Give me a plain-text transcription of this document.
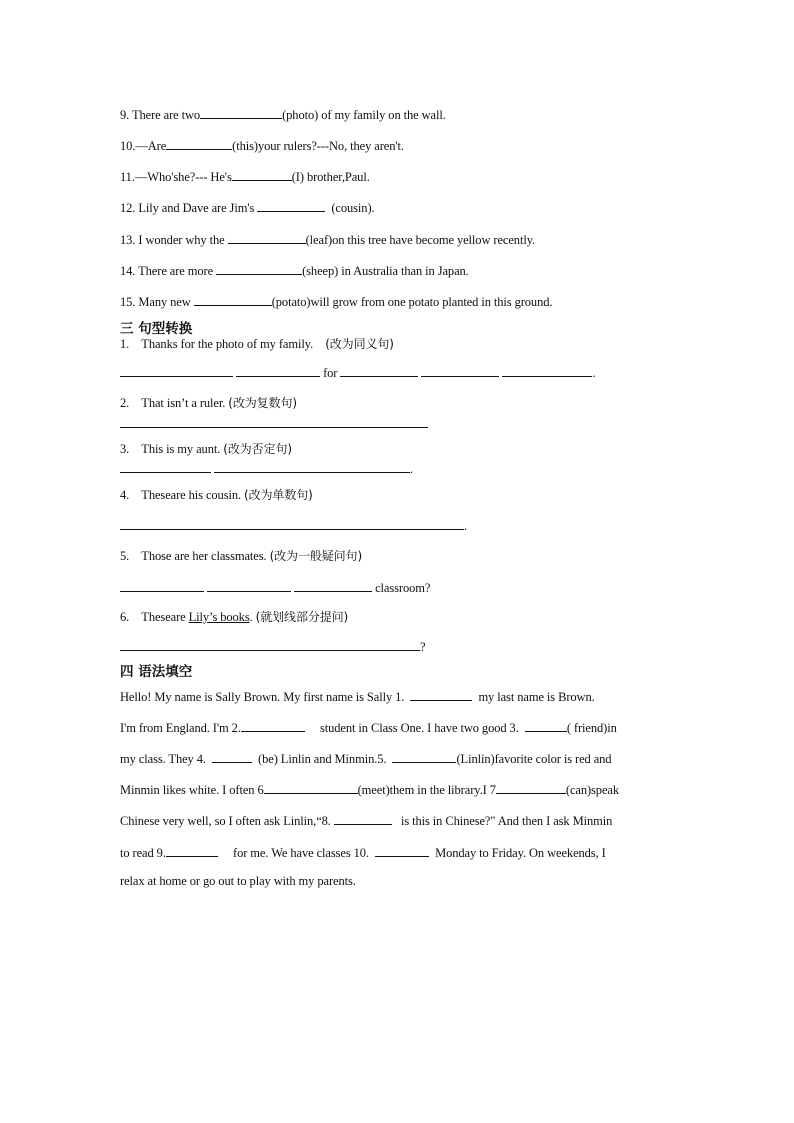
9. There are two	(photo) of my family on the wall.
10.—Are	(this)your rulers?---No, they aren't.
11.—Who'she?--- He's	(I) brother,Paul.
12. Lily and Dave are Jim's	(cousin).
13. I wonder why the	(leaf)on this tree have become yellow recently.
14. There are more	(sheep) in Australia than in Japan.
15. Many new	(potato)will grow from one potato planted in this ground.
三 句型转换
1. Thanks for the photo of my family. (改为同义句)
for	.
2. That isn’t a ruler. (改为复数句)
3. This is my aunt. (改为否定句)
.
4. Theseare his cousin. (改为单数句)
.
5. Those are her classmates. (改为一般疑问句)
classroom?
6. Theseare Lily’s books. (就划线部分提问)
?
四 语法填空
Hello! My name is Sally Brown. My first name is Sally 1.	my last name is Brown.
I'm from England. I'm 2.	student in Class One. I have two good 3.	( friend)in
my class. They 4.	(be) Linlin and Minmin.5.	(Linlin)favorite color is red and
Minmin likes white. I often 6	(meet)them in the library.I 7	(can)speak
Chinese very well, so I often ask Linlin,“8.	is this in Chinese?" And then I ask Minmin
to read 9.	for me. We have classes 10.	Monday to Friday. On weekends, I
relax at home or go out to play with my parents.
